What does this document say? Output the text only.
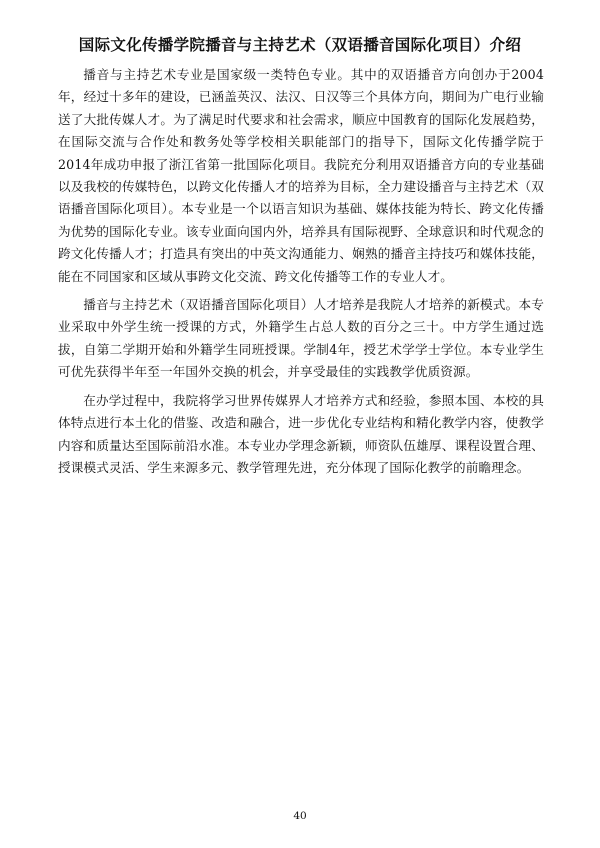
国际文化传播学院播音与主持艺术（双语播音国际化项目）介绍

播音与主持艺术专业是国家级一类特色专业。其中的双语播音方向创办于2004年，经过十多年的建设，已涵盖英汉、法汉、日汉等三个具体方向，期间为广电行业输送了大批传媒人才。为了满足时代要求和社会需求，顺应中国教育的国际化发展趋势，在国际交流与合作处和教务处等学校相关职能部门的指导下，国际文化传播学院于2014年成功申报了浙江省第一批国际化项目。我院充分利用双语播音方向的专业基础以及我校的传媒特色，以跨文化传播人才的培养为目标，全力建设播音与主持艺术（双语播音国际化项目）。本专业是一个以语言知识为基础、媒体技能为特长、跨文化传播为优势的国际化专业。该专业面向国内外，培养具有国际视野、全球意识和时代观念的跨文化传播人才；打造具有突出的中英文沟通能力、娴熟的播音主持技巧和媒体技能，能在不同国家和区域从事跨文化交流、跨文化传播等工作的专业人才。

播音与主持艺术（双语播音国际化项目）人才培养是我院人才培养的新模式。本专业采取中外学生统一授课的方式，外籍学生占总人数的百分之三十。中方学生通过选拔，自第二学期开始和外籍学生同班授课。学制4年，授艺术学学士学位。本专业学生可优先获得半年至一年国外交换的机会，并享受最佳的实践教学优质资源。

在办学过程中，我院将学习世界传媒界人才培养方式和经验，参照本国、本校的具体特点进行本土化的借鉴、改造和融合，进一步优化专业结构和精化教学内容，使教学内容和质量达至国际前沿水准。本专业办学理念新颖，师资队伍雄厚、课程设置合理、授课模式灵活、学生来源多元、教学管理先进，充分体现了国际化教学的前瞻理念。

40
